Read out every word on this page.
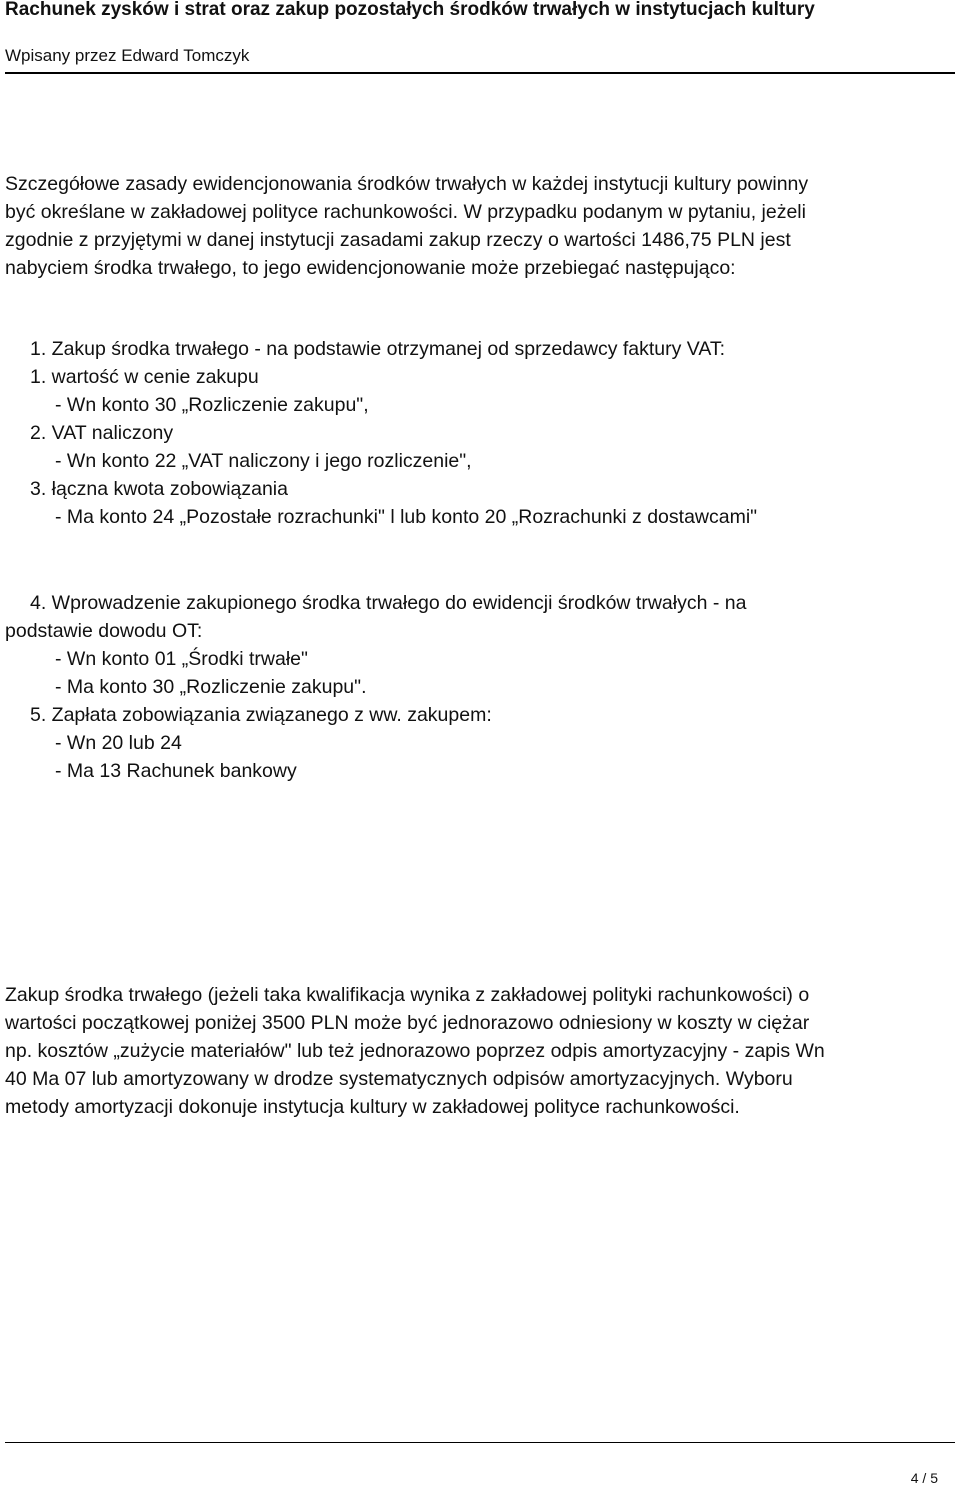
Rachunek zysków i strat oraz zakup pozostałych środków trwałych w instytucjach kultury
Wpisany przez Edward Tomczyk
Szczegółowe zasady ewidencjonowania środków trwałych w każdej instytucji kultury powinny
być określane w zakładowej polityce rachunkowości. W przypadku podanym w pytaniu, jeżeli
zgodnie z przyjętymi w danej instytucji zasadami zakup rzeczy o wartości 1486,75 PLN jest
nabyciem środka trwałego, to jego ewidencjonowanie może przebiegać następująco:
1. Zakup środka trwałego - na podstawie otrzymanej od sprzedawcy faktury VAT:
1. wartość w cenie zakupu
- Wn konto 30 „Rozliczenie zakupu",
2. VAT naliczony
- Wn konto 22 „VAT naliczony i jego rozliczenie",
3. łączna kwota zobowiązania
- Ma konto 24 „Pozostałe rozrachunki" l lub konto 20 „Rozrachunki z dostawcami"
4. Wprowadzenie zakupionego środka trwałego do ewidencji środków trwałych - na
podstawie dowodu OT:
- Wn konto 01 „Środki trwałe"
- Ma konto 30 „Rozliczenie zakupu".
5. Zapłata zobowiązania związanego z ww. zakupem:
- Wn 20 lub 24
- Ma 13 Rachunek bankowy
Zakup środka trwałego (jeżeli taka kwalifikacja wynika z zakładowej polityki rachunkowości) o
wartości początkowej poniżej 3500 PLN może być jednorazowo odniesiony w koszty w ciężar
np. kosztów „zużycie materiałów" lub też jednorazowo poprzez odpis amortyzacyjny - zapis Wn
40 Ma 07 lub amortyzowany w drodze systematycznych odpisów amortyzacyjnych. Wyboru
metody amortyzacji dokonuje instytucja kultury w zakładowej polityce rachunkowości.
4 / 5
